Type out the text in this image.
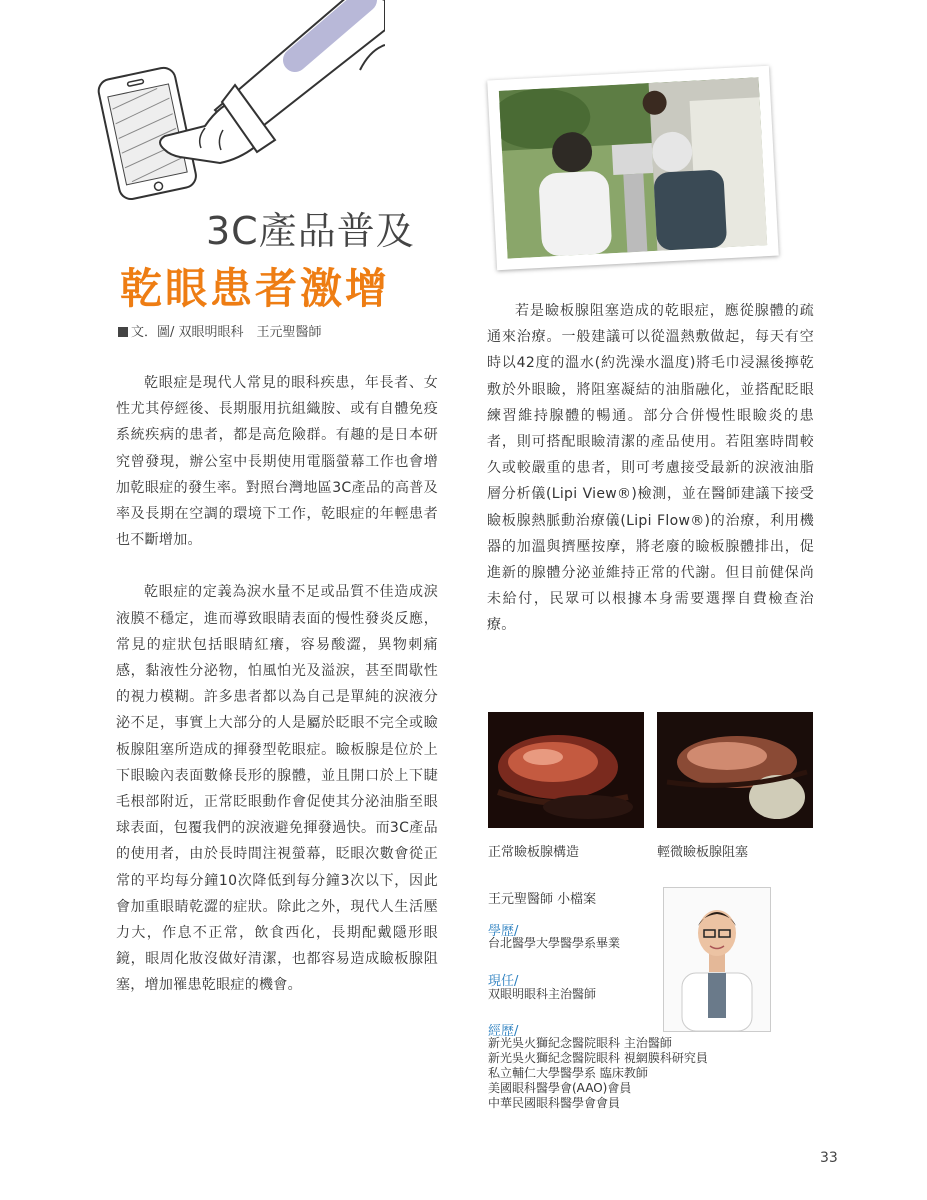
3C產品普及
乾眼患者激增
文．圖/ 双眼明眼科　王元聖醫師

乾眼症是現代人常見的眼科疾患，年長者、女性尤其停經後、長期服用抗組織胺、或有自體免疫系統疾病的患者，都是高危險群。有趣的是日本研究曾發現，辦公室中長期使用電腦螢幕工作也會增加乾眼症的發生率。對照台灣地區3C產品的高普及率及長期在空調的環境下工作，乾眼症的年輕患者也不斷增加。

乾眼症的定義為淚水量不足或品質不佳造成淚液膜不穩定，進而導致眼睛表面的慢性發炎反應，常見的症狀包括眼睛紅癢，容易酸澀，異物刺痛感，黏液性分泌物，怕風怕光及溢淚，甚至間歇性的視力模糊。許多患者都以為自己是單純的淚液分泌不足，事實上大部分的人是屬於眨眼不完全或瞼板腺阻塞所造成的揮發型乾眼症。瞼板腺是位於上下眼瞼內表面數條長形的腺體，並且開口於上下睫毛根部附近，正常眨眼動作會促使其分泌油脂至眼球表面，包覆我們的淚液避免揮發過快。而3C產品的使用者，由於長時間注視螢幕，眨眼次數會從正常的平均每分鐘10次降低到每分鐘3次以下，因此會加重眼睛乾澀的症狀。除此之外，現代人生活壓力大，作息不正常，飲食西化，長期配戴隱形眼鏡，眼周化妝沒做好清潔，也都容易造成瞼板腺阻塞，增加罹患乾眼症的機會。

若是瞼板腺阻塞造成的乾眼症，應從腺體的疏通來治療。一般建議可以從溫熱敷做起，每天有空時以42度的溫水(約洗澡水溫度)將毛巾浸濕後擰乾敷於外眼瞼，將阻塞凝結的油脂融化，並搭配眨眼練習維持腺體的暢通。部分合併慢性眼瞼炎的患者，則可搭配眼瞼清潔的產品使用。若阻塞時間較久或較嚴重的患者，則可考慮接受最新的淚液油脂層分析儀(Lipi View®)檢測，並在醫師建議下接受瞼板腺熱脈動治療儀(Lipi Flow®)的治療，利用機器的加溫與擠壓按摩，將老廢的瞼板腺體排出，促進新的腺體分泌並維持正常的代謝。但目前健保尚未給付，民眾可以根據本身需要選擇自費檢查治療。

正常瞼板腺構造	輕微瞼板腺阻塞
王元聖醫師 小檔案
學歷/
台北醫學大學醫學系畢業
現任/
双眼明眼科主治醫師
經歷/
新光吳火獅紀念醫院眼科 主治醫師
新光吳火獅紀念醫院眼科 視網膜科研究員
私立輔仁大學醫學系 臨床教師
美國眼科醫學會(AAO)會員
中華民國眼科醫學會會員
33
